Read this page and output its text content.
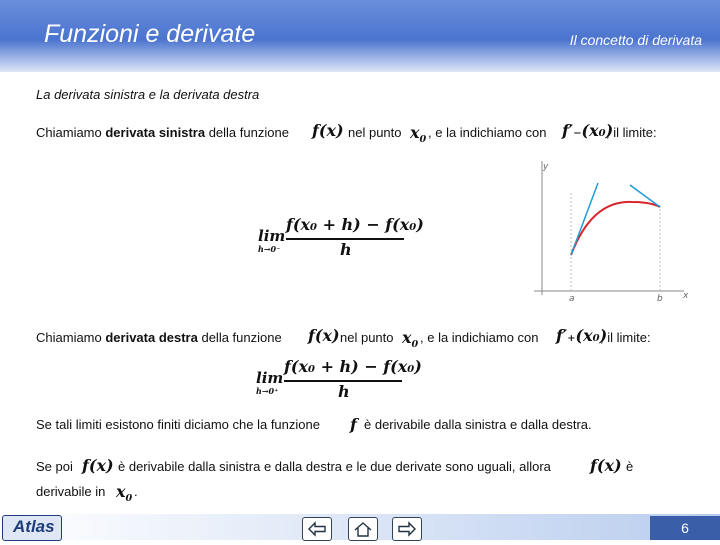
Funzioni e derivate	Il concetto di derivata
La derivata sinistra e la derivata destra
Chiamiamo derivata sinistra della funzione f(x) nel punto $x_0$ , e la indichiamo con f′₋(x₀)
, il limite:
lim
h→0⁻
f(x₀ + h) − f(x₀)
h
y
x
a	b
Chiamiamo derivata destra della funzione f(x) nel punto $x_0$ , e la indichiamo con f′₊(x₀)
, il limite:
lim
h→0⁺
f(x₀ + h) − f(x₀)
h
Se tali limiti esistono finiti diciamo che la funzione f è derivabile dalla sinistra e dalla destra.
Se poi f(x) è derivabile dalla sinistra e dalla destra e le due derivate sono uguali, allora f(x) è
derivabile in $x_0$ .
Atlas	6
